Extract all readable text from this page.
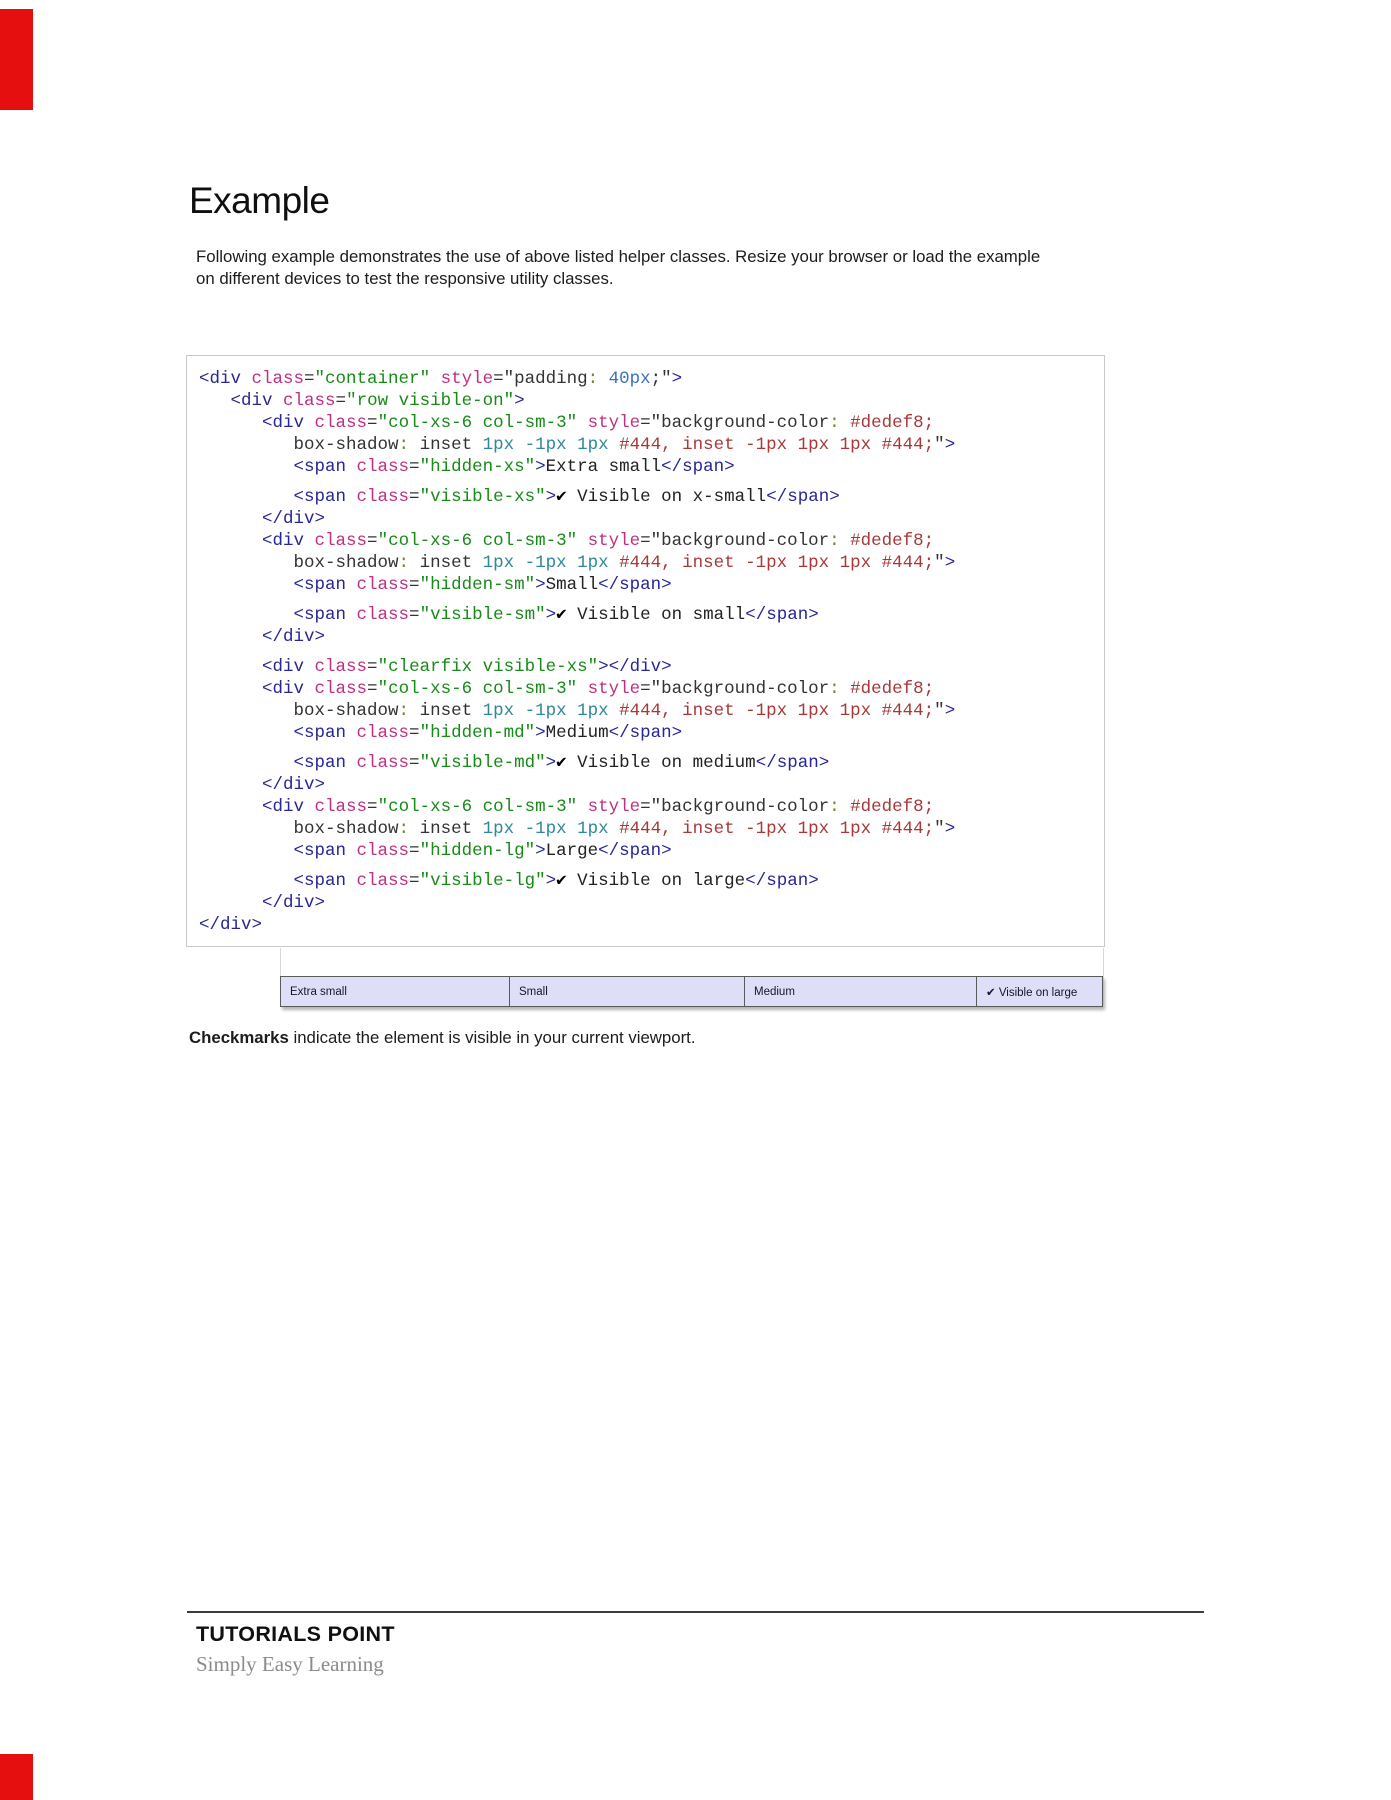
Example
Following example demonstrates the use of above listed helper classes. Resize your browser or load the example
on different devices to test the responsive utility classes.
<div class="container" style="padding: 40px;">
<div class="row visible-on">
<div class="col-xs-6 col-sm-3" style="background-color: #dedef8;
box-shadow: inset 1px -1px 1px #444, inset -1px 1px 1px #444;">
<span class="hidden-xs">Extra small</span>
<span class="visible-xs">✔ Visible on x-small</span>
</div>
<div class="col-xs-6 col-sm-3" style="background-color: #dedef8;
box-shadow: inset 1px -1px 1px #444, inset -1px 1px 1px #444;">
<span class="hidden-sm">Small</span>
<span class="visible-sm">✔ Visible on small</span>
</div>
<div class="clearfix visible-xs"></div>
<div class="col-xs-6 col-sm-3" style="background-color: #dedef8;
box-shadow: inset 1px -1px 1px #444, inset -1px 1px 1px #444;">
<span class="hidden-md">Medium</span>
<span class="visible-md">✔ Visible on medium</span>
</div>
<div class="col-xs-6 col-sm-3" style="background-color: #dedef8;
box-shadow: inset 1px -1px 1px #444, inset -1px 1px 1px #444;">
<span class="hidden-lg">Large</span>
<span class="visible-lg">✔ Visible on large</span>
</div>
</div>
Extra small	Small	Medium	✔ Visible on large
Checkmarks indicate the element is visible in your current viewport.
TUTORIALS POINT
Simply Easy Learning
